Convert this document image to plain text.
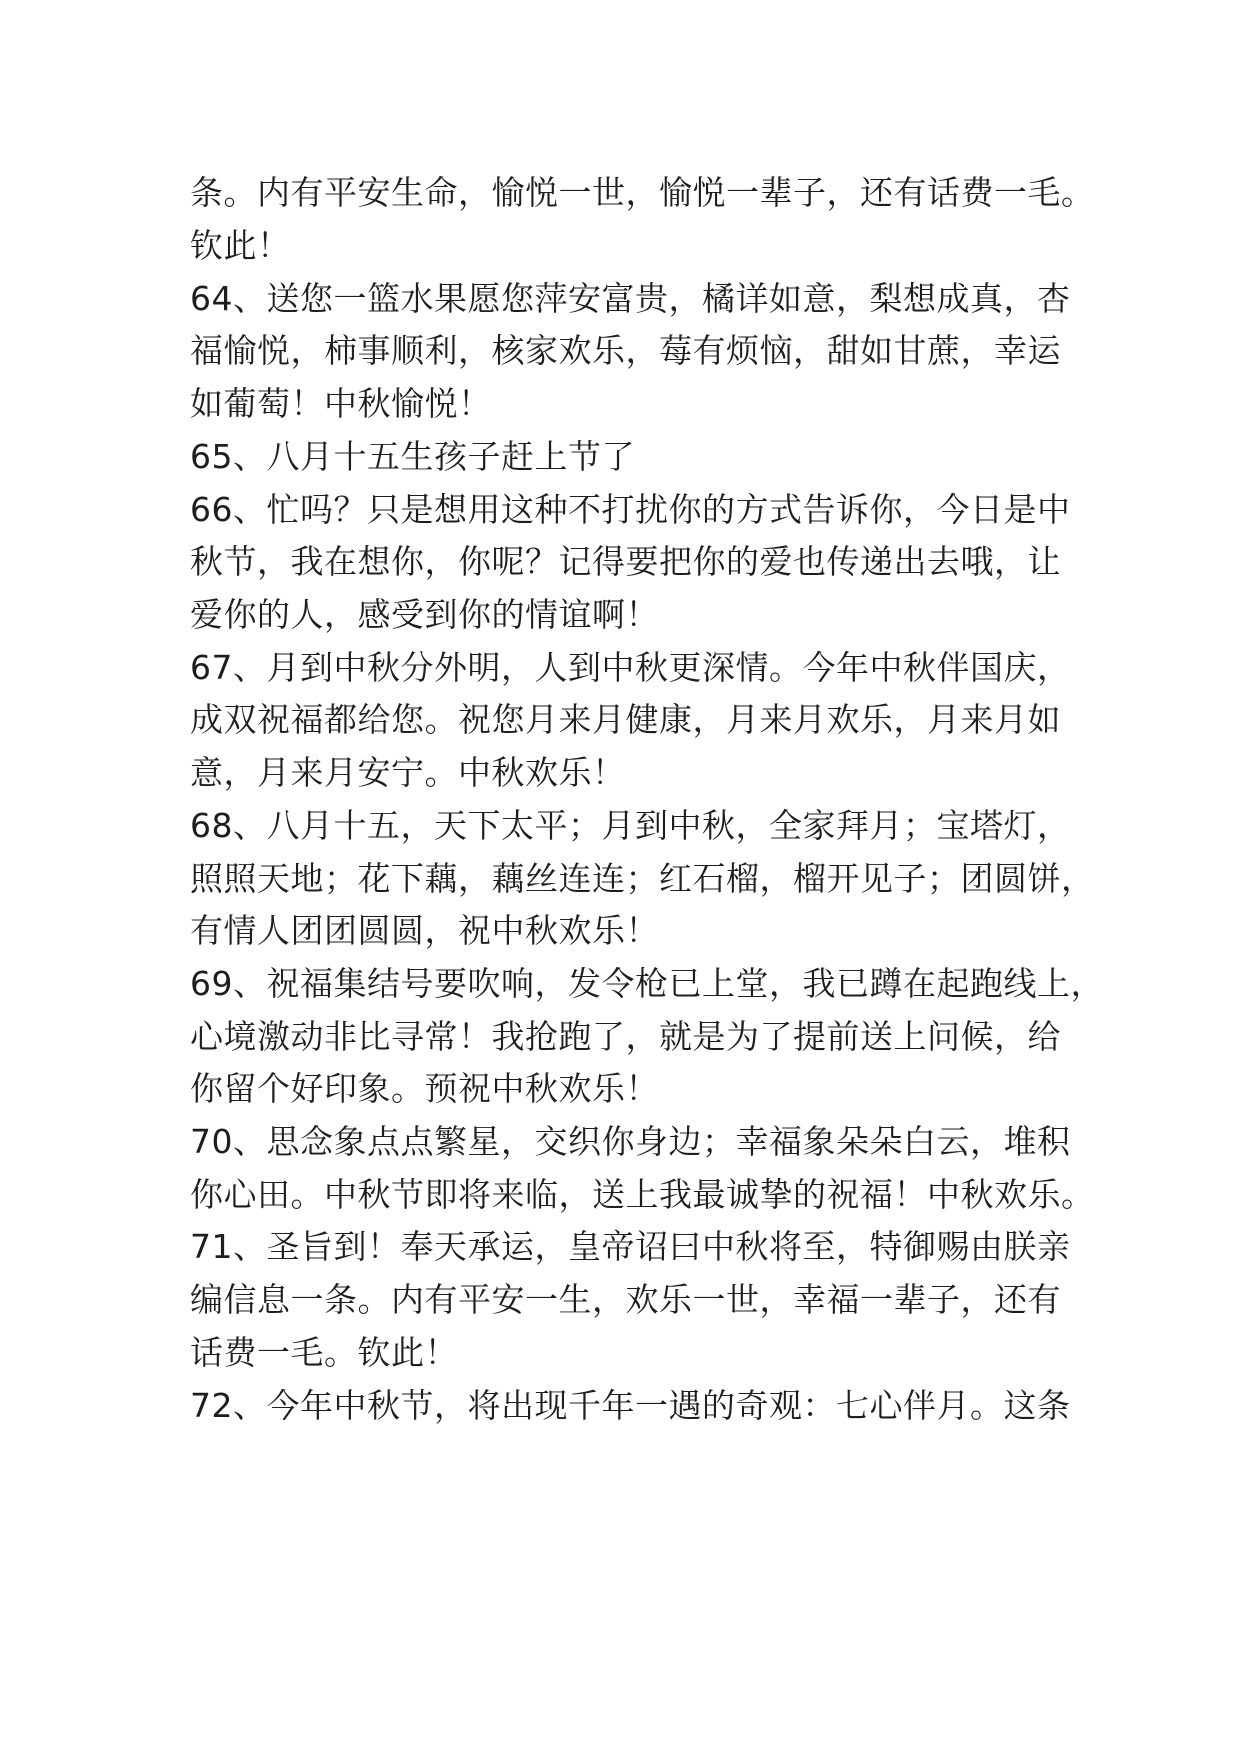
条。内有平安生命，愉悦一世，愉悦一辈子，还有话费一毛。
钦此！
64、送您一篮水果愿您萍安富贵，橘详如意，梨想成真，杏
福愉悦，柿事顺利，核家欢乐，莓有烦恼，甜如甘蔗，幸运
如葡萄！中秋愉悦！
65、八月十五生孩子赶上节了
66、忙吗？只是想用这种不打扰你的方式告诉你，今日是中
秋节，我在想你，你呢？记得要把你的爱也传递出去哦，让
爱你的人，感受到你的情谊啊！
67、月到中秋分外明，人到中秋更深情。今年中秋伴国庆，
成双祝福都给您。祝您月来月健康，月来月欢乐，月来月如
意，月来月安宁。中秋欢乐！
68、八月十五，天下太平；月到中秋，全家拜月；宝塔灯，
照照天地；花下藕，藕丝连连；红石榴，榴开见子；团圆饼，
有情人团团圆圆，祝中秋欢乐！
69、祝福集结号要吹响，发令枪已上堂，我已蹲在起跑线上，
心境激动非比寻常！我抢跑了，就是为了提前送上问候，给
你留个好印象。预祝中秋欢乐！
70、思念象点点繁星，交织你身边；幸福象朵朵白云，堆积
你心田。中秋节即将来临，送上我最诚挚的祝福！中秋欢乐。
71、圣旨到！奉天承运，皇帝诏曰中秋将至，特御赐由朕亲
编信息一条。内有平安一生，欢乐一世，幸福一辈子，还有
话费一毛。钦此！
72、今年中秋节，将出现千年一遇的奇观：七心伴月。这条
